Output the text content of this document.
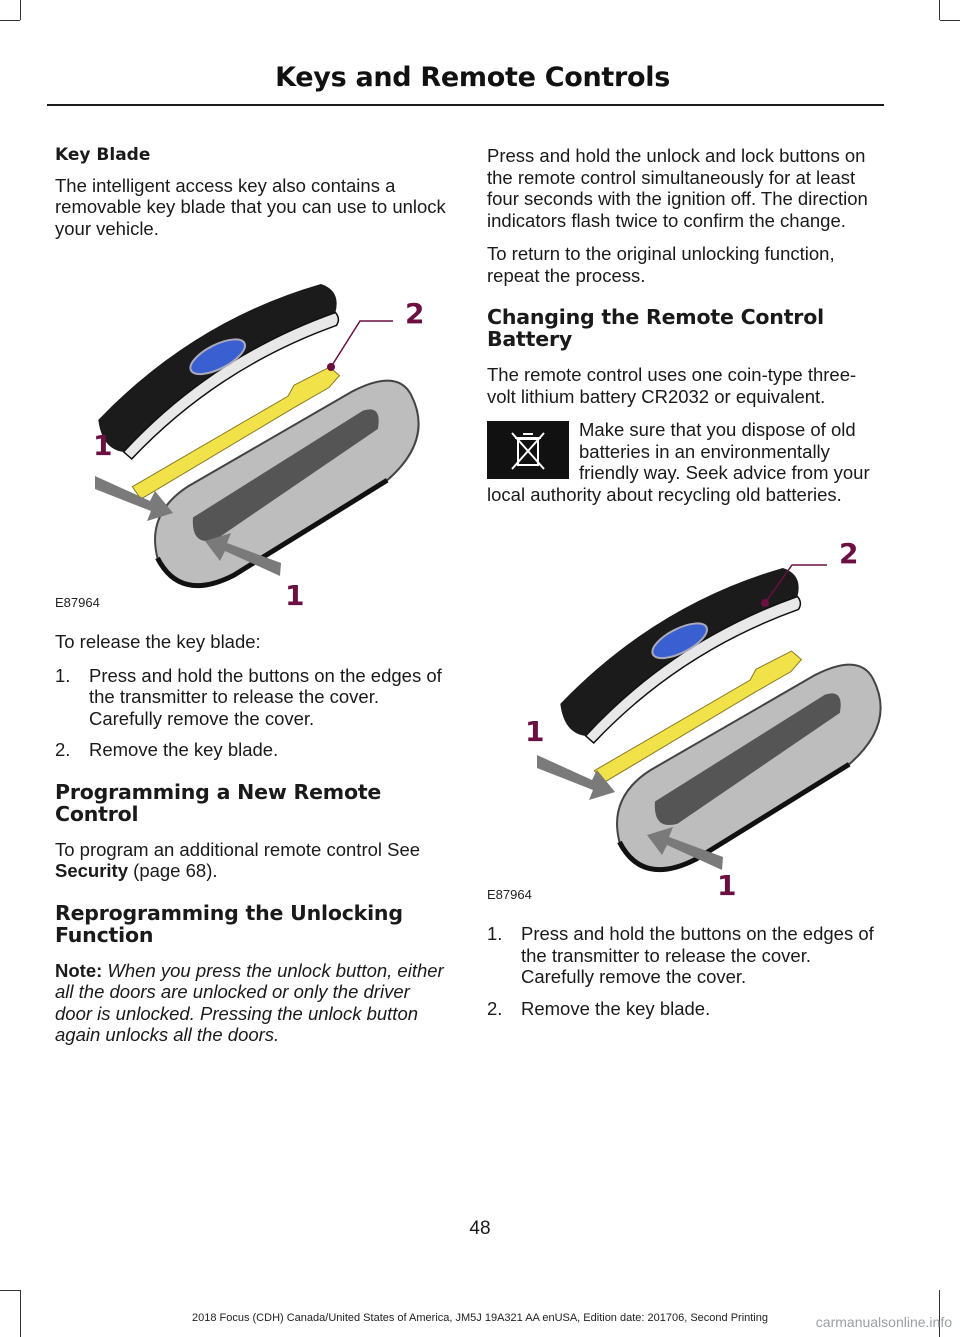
Keys and Remote Controls
Key Blade

The intelligent access key also contains a removable key blade that you can use to unlock your vehicle.

2
1
1
E87964

To release the key blade:

1. Press and hold the buttons on the edges of the transmitter to release the cover. Carefully remove the cover.
2. Remove the key blade.
Programming a New Remote Control

To program an additional remote control See Security (page 68).

Reprogramming the Unlocking Function

Note: When you press the unlock button, either all the doors are unlocked or only the driver door is unlocked. Pressing the unlock button again unlocks all the doors.

Press and hold the unlock and lock buttons on the remote control simultaneously for at least four seconds with the ignition off. The direction indicators flash twice to confirm the change.

To return to the original unlocking function, repeat the process.

Changing the Remote Control Battery

The remote control uses one coin-type three-volt lithium battery CR2032 or equivalent.

Make sure that you dispose of old batteries in an environmentally friendly way. Seek advice from your local authority about recycling old batteries.

2
1
1
E87964
1. Press and hold the buttons on the edges of the transmitter to release the cover. Carefully remove the cover.
2. Remove the key blade.
48
2018 Focus (CDH) Canada/United States of America, JM5J 19A321 AA enUSA, Edition date: 201706, Second Printing	carmanualsonline.info
